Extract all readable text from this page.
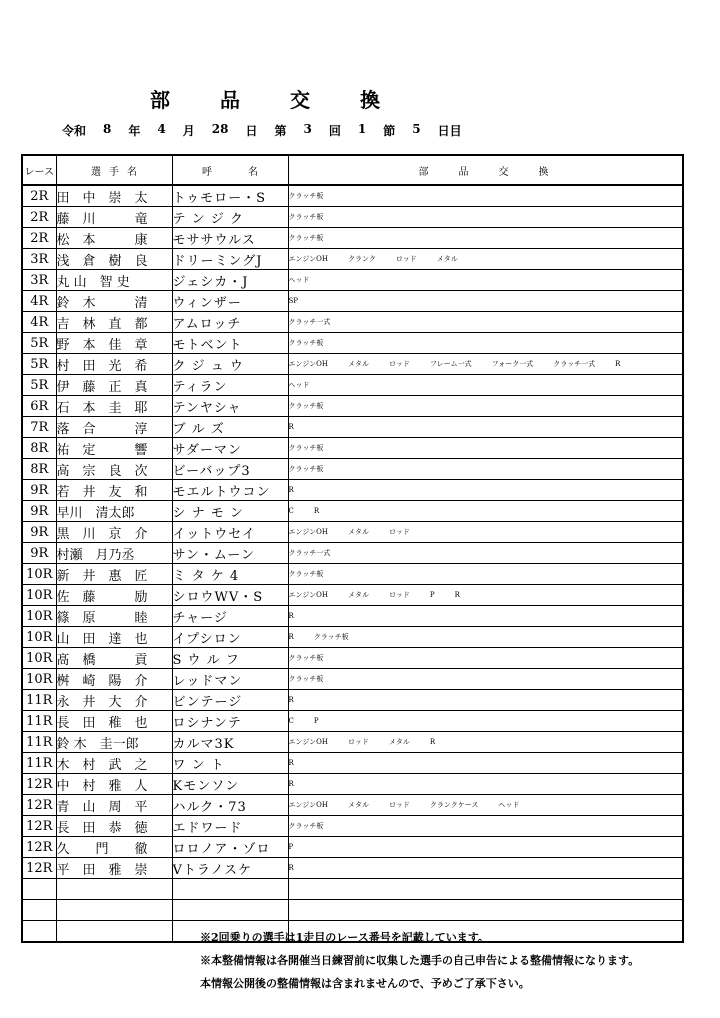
部	品	交	換
令和 8 年 4 月 28 日 第 3 回 1 節 5 日目
レース	選 手 名	呼 名	部 品 交 換

2R	田　中　崇　太	トゥモロー・S	クラッチ板
2R	藤　川　　　竜	テ ン ジ ク	クラッチ板
2R	松　本　　　康	モササウルス	クラッチ板
3R	浅　倉　樹　良	ドリーミングJ	エンジンOH クランク ロッド メタル
3R	丸 山　智 史	ジェシカ・J	ヘッド
4R	鈴　木　　　清	ウィンザー	SP
4R	吉　林　直　都	アムロッチ	クラッチ一式
5R	野　本　佳　章	モトベント	クラッチ板
5R	村　田　光　希	ク ジ ュ ウ	エンジンOH メタル ロッド フレーム一式 フォーク一式 クラッチ一式 R
5R	伊　藤　正　真	ティラン	ヘッド
6R	石　本　圭　耶	テンヤシャ	クラッチ板
7R	落　合　　　淳	ブ ル ズ	R
8R	祐　定　　　響	サダーマン	クラッチ板
8R	高　宗　良　次	ビーバップ3	クラッチ板
9R	若　井　友　和	モエルトウコン	R
9R	早川　清太郎	シ ナ モ ン	C R
9R	黒　川　京　介	イットウセイ	エンジンOH メタル ロッド
9R	村瀬　月乃丞	サン・ムーン	クラッチ一式
10R	新　井　惠　匠	ミ タ ケ 4	クラッチ板
10R	佐　藤　　　励	シロウWV・S	エンジンOH メタル ロッド P R
10R	篠　原　　　睦	チャージ	R
10R	山　田　達　也	イプシロン	R クラッチ板
10R	髙　橋　　　貢	S ウ ル フ	クラッチ板
10R	桝　崎　陽　介	レッドマン	クラッチ板
11R	永　井　大　介	ビンテージ	R
11R	長　田　稚　也	ロシナンテ	C P
11R	鈴 木　圭一郎	カルマ3K	エンジンOH ロッド メタル R
11R	木　村　武　之	ワ ン ト	R
12R	中　村　雅　人	Kモンソン	R
12R	青　山　周　平	ハルク・73	エンジンOH メタル ロッド クランクケース ヘッド
12R	長　田　恭　徳	エドワード	クラッチ板
12R	久　　門　　徹	ロロノア・ゾロ	P
12R	平　田　雅　崇	Vトラノスケ	R

※2回乗りの選手は1走目のレース番号を記載しています。
※本整備情報は各開催当日練習前に収集した選手の自己申告による整備情報になります。
本情報公開後の整備情報は含まれませんので、予めご了承下さい。
